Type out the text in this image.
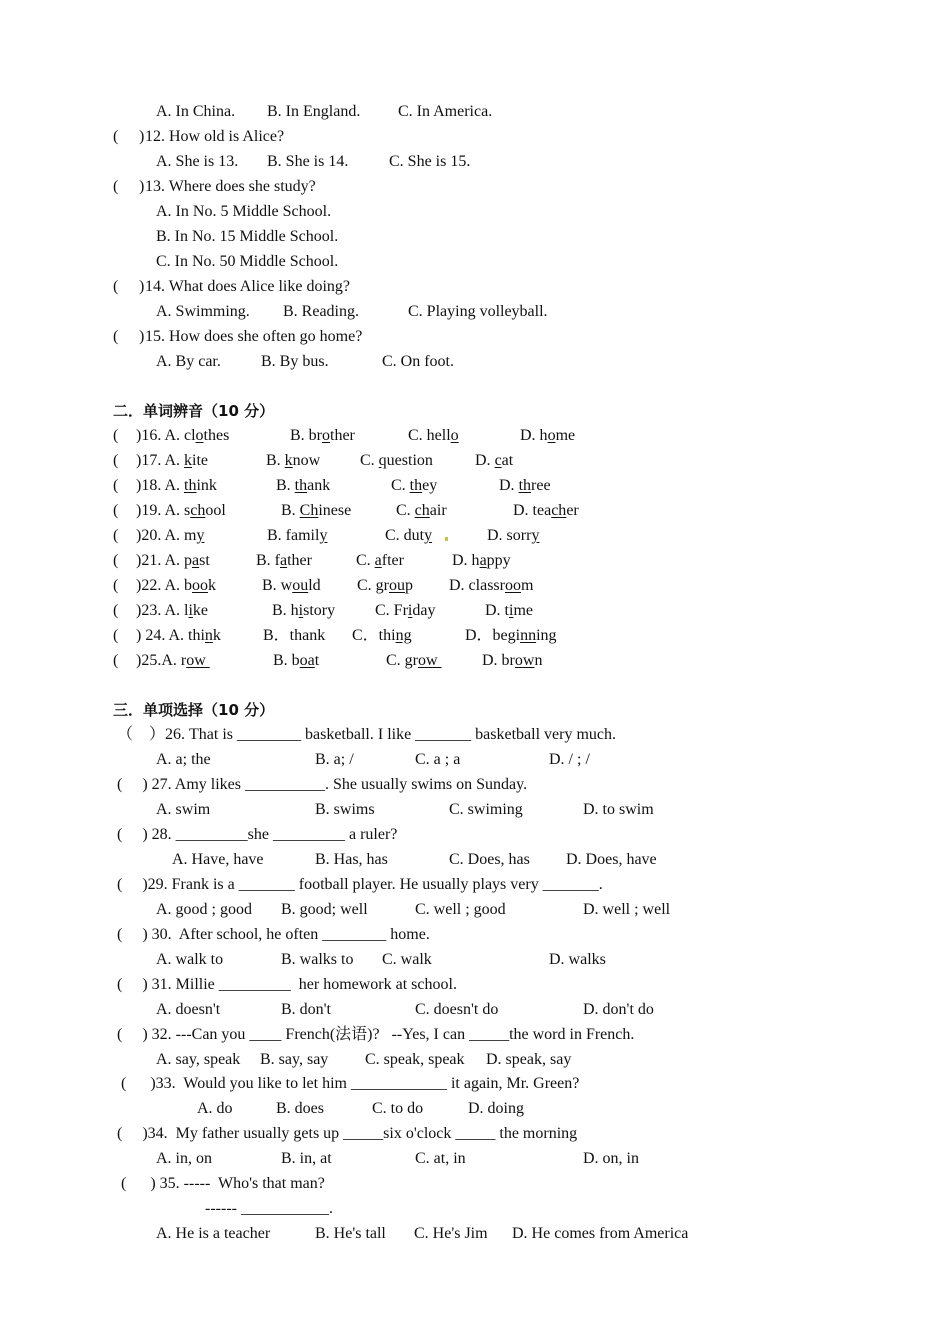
A. In China. B. In England. C. In America.
( ) 12. How old is Alice?
A. She is 13. B. She is 14.	C. She is 15.
( ) 13. Where does she study?
A. In No. 5 Middle School.
B. In No. 15 Middle School.
C. In No. 50 Middle School.
( ) 14. What does Alice like doing?
A. Swimming. B. Reading.	C. Playing volleyball.
( ) 15. How does she often go home?
A. By car.	B. By bus.	C. On foot.
二．单词辨音（10 分）
( )16. A. clothes	B. brother	C. hello	D. home
( )17. A. kite	B. know C. question	D. cat
( )18. A. think	B. thank	C. they	D. three
( )19. A. school	B. Chinese	C. chair	D. teacher
( )20. A. my	B. family	C. duty	D. sorry
( )21. A. past	B. father	C. after	D. happy
( )22. A. book	B. would C. group D. classroom
( )23. A. like	B. history C. Friday	D. time
( ) 24. A. think	B．thank C．thing	D．beginning
( )25.A. row	B. boat	C. grow	D. brown
三．单项选择（10 分）
（    ）26. That is ________ basketball. I like _______ basketball very much.
A. a; the	B. a; /	C. a ; a	D. / ; /
(     ) 27. Amy likes __________. She usually swims on Sunday.
A. swim	B. swims	C. swiming	D. to swim
(     ) 28. _________she _________ a ruler?
A. Have, have	B. Has, has	C. Does, has D. Does, have
(     )29. Frank is a _______ football player. He usually plays very _______.
A. good ; good B. good; well	C. well ; good	D. well ; well
(     ) 30.  After school, he often ________ home.
A. walk to	B. walks to C. walk	D. walks
(     ) 31. Millie _________  her homework at school.
A. doesn't	B. don't	C. doesn't do	D. don't do
(     ) 32. ---Can you ____ French(法语)?   --Yes, I can _____the word in French.
A. say, speak B. say, say C. speak, speak D. speak, say
(      )33.  Would you like to let him ____________ it again, Mr. Green?
A. do	B. does	C. to do	D. doing
(     )34.  My father usually gets up _____six o'clock _____ the morning
A. in, on	B. in, at	C. at, in	D. on, in
(      ) 35. -----  Who's that man?
------ ___________.
A. He is a teacher	B. He's tall C. He's Jim D. He comes from America
